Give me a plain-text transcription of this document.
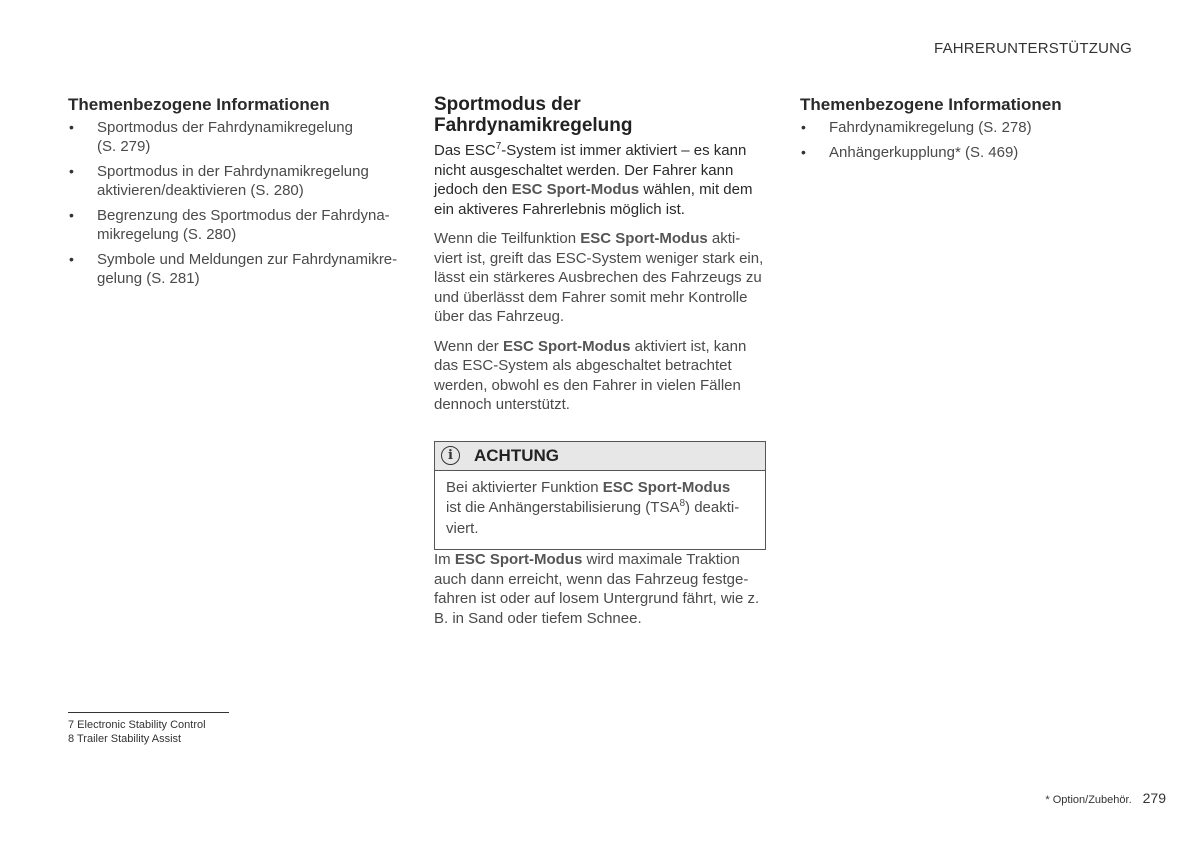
FAHRERUNTERSTÜTZUNG
Themenbezogene Informationen
• Sportmodus der Fahrdynamikregelung
(S. 279)
• Sportmodus in der Fahrdynamikregelung
aktivieren/deaktivieren (S. 280)
• Begrenzung des Sportmodus der Fahrdyna-
mikregelung (S. 280)
• Symbole und Meldungen zur Fahrdynamikre-
gelung (S. 281)
Sportmodus der
Fahrdynamikregelung

Das ESC$^7$-System ist immer aktiviert – es kann
nicht ausgeschaltet werden. Der Fahrer kann
jedoch den ESC Sport-Modus wählen, mit dem
ein aktiveres Fahrerlebnis möglich ist.

Wenn die Teilfunktion ESC Sport-Modus akti-
viert ist, greift das ESC-System weniger stark ein,
lässt ein stärkeres Ausbrechen des Fahrzeugs zu
und überlässt dem Fahrer somit mehr Kontrolle
über das Fahrzeug.

Wenn der ESC Sport-Modus aktiviert ist, kann
das ESC-System als abgeschaltet betrachtet
werden, obwohl es den Fahrer in vielen Fällen
dennoch unterstützt.

i	ACHTUNG
Bei aktivierter Funktion ESC Sport-Modus
ist die Anhängerstabilisierung (TSA$^8$) deakti-
viert.

Im ESC Sport-Modus wird maximale Traktion
auch dann erreicht, wenn das Fahrzeug festge-
fahren ist oder auf losem Untergrund fährt, wie z.
B. in Sand oder tiefem Schnee.

Themenbezogene Informationen
• Fahrdynamikregelung (S. 278)
• Anhängerkupplung* (S. 469)
7 Electronic Stability Control
8 Trailer Stability Assist
* Option/Zubehör. 279
